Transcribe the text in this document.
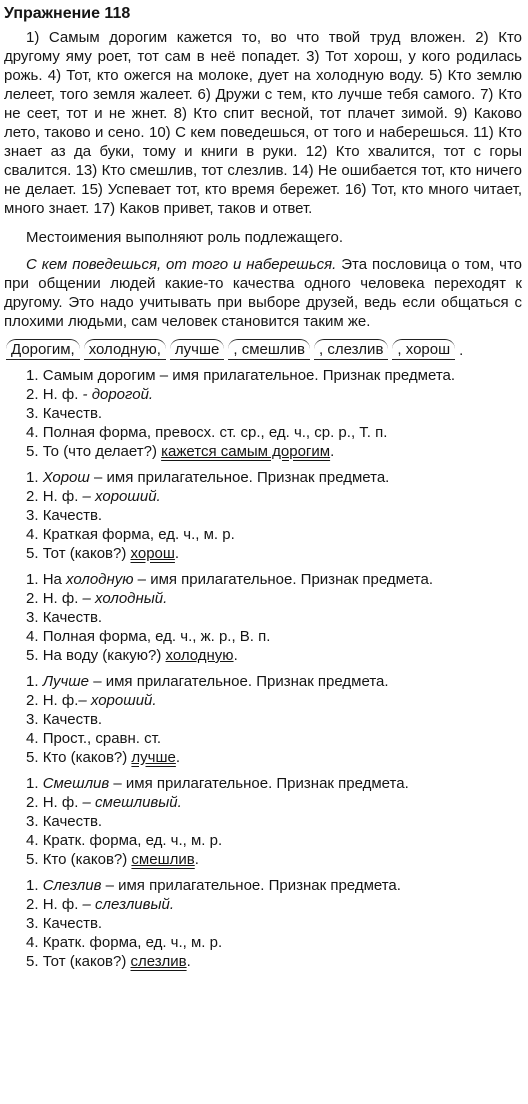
Упражнение 118

1) Самым дорогим кажется то, во что твой труд вложен. 2) Кто другому яму роет, тот сам в неё попадет. 3) Тот хорош, у кого родилась рожь. 4) Тот, кто ожегся на молоке, дует на холодную воду. 5) Кто землю лелеет, того земля жалеет. 6) Дружи с тем, кто лучше тебя самого. 7) Кто не сеет, тот и не жнет. 8) Кто спит весной, тот плачет зимой. 9) Каково лето, таково и сено. 10) С кем поведешься, от того и наберешься. 11) Кто знает аз да буки, тому и книги в руки. 12) Кто хвалится, тот с горы свалится. 13) Кто смешлив, тот слезлив. 14) Не ошибается тот, кто ничего не делает. 15) Успевает тот, кто время бережет. 16) Тот, кто много читает, много знает. 17) Каков привет, таков и ответ.

Местоимения выполняют роль подлежащего.

С кем поведешься, от того и наберешься. Эта пословица о том, что при общении людей какие-то качества одного человека переходят к другому. Это надо учитывать при выборе друзей, ведь если общаться с плохими людьми, сам человек становится таким же.

Дорогим, холодную, лучше , смешлив , слезлив , хорош .
1. Самым дорогим – имя прилагательное. Признак предмета.
2. Н. ф. - дорогой.
3. Качеств.
4. Полная форма, превосх. ст. ср., ед. ч., ср. р., Т. п.
5. То (что делает?) кажется самым дорогим.
1. Хорош – имя прилагательное. Признак предмета.
2. Н. ф. – хороший.
3. Качеств.
4. Краткая форма, ед. ч., м. р.
5. Тот (каков?) хорош.
1. На холодную – имя прилагательное. Признак предмета.
2. Н. ф. – холодный.
3. Качеств.
4. Полная форма, ед. ч., ж. р., В. п.
5. На воду (какую?) холодную.
1. Лучше – имя прилагательное. Признак предмета.
2. Н. ф.– хороший.
3. Качеств.
4. Прост., сравн. ст.
5. Кто (каков?) лучше.
1. Смешлив – имя прилагательное. Признак предмета.
2. Н. ф. – смешливый.
3. Качеств.
4. Кратк. форма, ед. ч., м. р.
5. Кто (каков?) смешлив.
1. Слезлив – имя прилагательное. Признак предмета.
2. Н. ф. – слезливый.
3. Качеств.
4. Кратк. форма, ед. ч., м. р.
5. Тот (каков?) слезлив.
